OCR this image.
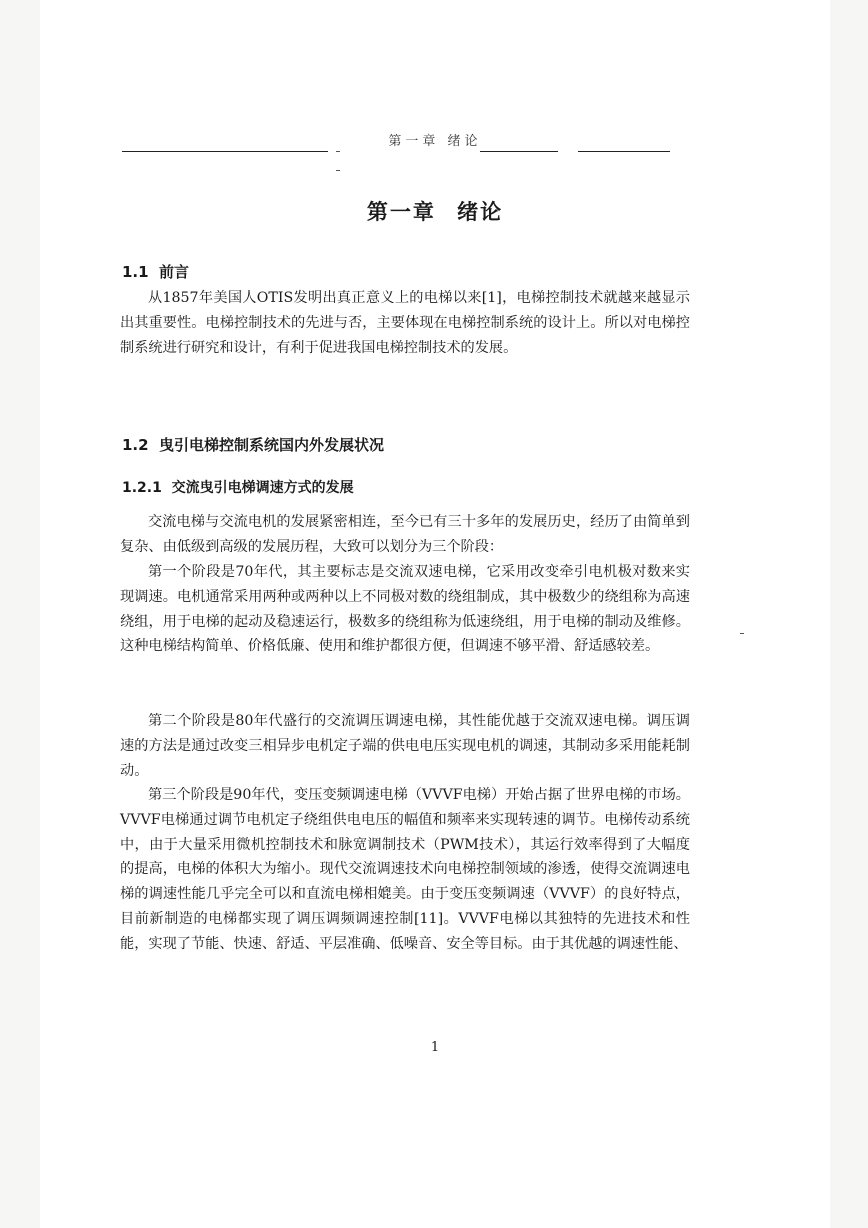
第一章 绪论
第一章 绪论
1.1 前言

从1857年美国人OTIS发明出真正意义上的电梯以来[1]，电梯控制技术就越来越显示出其重要性。电梯控制技术的先进与否，主要体现在电梯控制系统的设计上。所以对电梯控制系统进行研究和设计，有利于促进我国电梯控制技术的发展。

1.2 曳引电梯控制系统国内外发展状况
1.2.1 交流曳引电梯调速方式的发展

交流电梯与交流电机的发展紧密相连，至今已有三十多年的发展历史，经历了由简单到复杂、由低级到高级的发展历程，大致可以划分为三个阶段：

第一个阶段是70年代，其主要标志是交流双速电梯，它采用改变牵引电机极对数来实现调速。电机通常采用两种或两种以上不同极对数的绕组制成，其中极数少的绕组称为高速绕组，用于电梯的起动及稳速运行，极数多的绕组称为低速绕组，用于电梯的制动及维修。这种电梯结构简单、价格低廉、使用和维护都很方便，但调速不够平滑、舒适感较差。

第二个阶段是80年代盛行的交流调压调速电梯，其性能优越于交流双速电梯。调压调速的方法是通过改变三相异步电机定子端的供电电压实现电机的调速，其制动多采用能耗制动。

第三个阶段是90年代，变压变频调速电梯（VVVF电梯）开始占据了世界电梯的市场。VVVF电梯通过调节电机定子绕组供电电压的幅值和频率来实现转速的调节。电梯传动系统中，由于大量采用微机控制技术和脉宽调制技术（PWM技术），其运行效率得到了大幅度的提高，电梯的体积大为缩小。现代交流调速技术向电梯控制领域的渗透，使得交流调速电梯的调速性能几乎完全可以和直流电梯相媲美。由于变压变频调速（VVVF）的良好特点，目前新制造的电梯都实现了调压调频调速控制[11]。VVVF电梯以其独特的先进技术和性能，实现了节能、快速、舒适、平层准确、低噪音、安全等目标。由于其优越的调速性能、

1
